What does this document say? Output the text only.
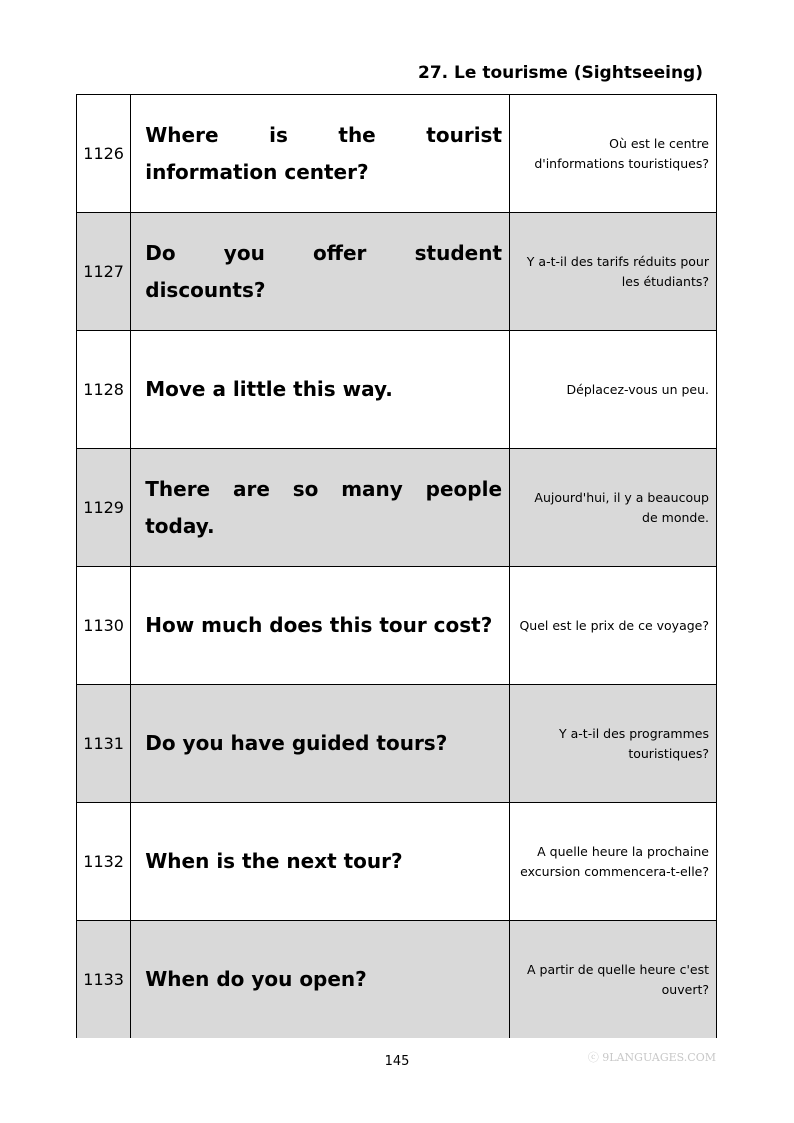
27. Le tourisme (Sightseeing)
1126	Where is the tourist information center?	Où est le centre d'informations touristiques?
1127	Do you offer student discounts?	Y a-t-il des tarifs réduits pour les étudiants?
1128	Move a little this way.	Déplacez-vous un peu.
1129	There are so many people today.	Aujourd'hui, il y a beaucoup de monde.
1130	How much does this tour cost?	Quel est le prix de ce voyage?
1131	Do you have guided tours?	Y a-t-il des programmes touristiques?
1132	When is the next tour?	A quelle heure la prochaine excursion commencera-t-elle?
1133	When do you open?	A partir de quelle heure c'est ouvert?
ⓒ 9LANGUAGES.COM
145
